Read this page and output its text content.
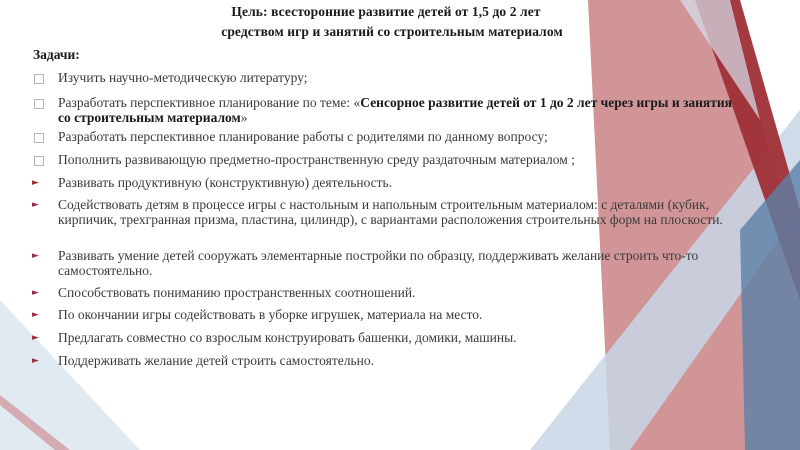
Цель: всесторонние развитие детей от 1,5 до 2 лет
средством игр и занятий со строительным материалом
Задачи:
Изучить научно-методическую литературу;
Разработать перспективное планирование по теме: «Сенсорное развитие детей от 1 до 2 лет через игры и занятия со строительным материалом»
Разработать перспективное планирование работы с родителями по данному вопросу;
Пополнить развивающую предметно-пространственную среду раздаточным материалом ;
► Развивать продуктивную (конструктивную) деятельность.
► Содействовать детям в процессе игры с настольным и напольным строительным материалом: с деталями (кубик, кирпичик, трехгранная призма, пластина, цилиндр), с вариантами расположения строительных форм на плоскости.
► Развивать умение детей сооружать элементарные постройки по образцу, поддерживать желание строить что-то самостоятельно.
► Способствовать пониманию пространственных соотношений.
► По окончании игры содействовать в уборке игрушек, материала на место.
► Предлагать совместно со взрослым конструировать башенки, домики, машины.
► Поддерживать желание детей строить самостоятельно.
